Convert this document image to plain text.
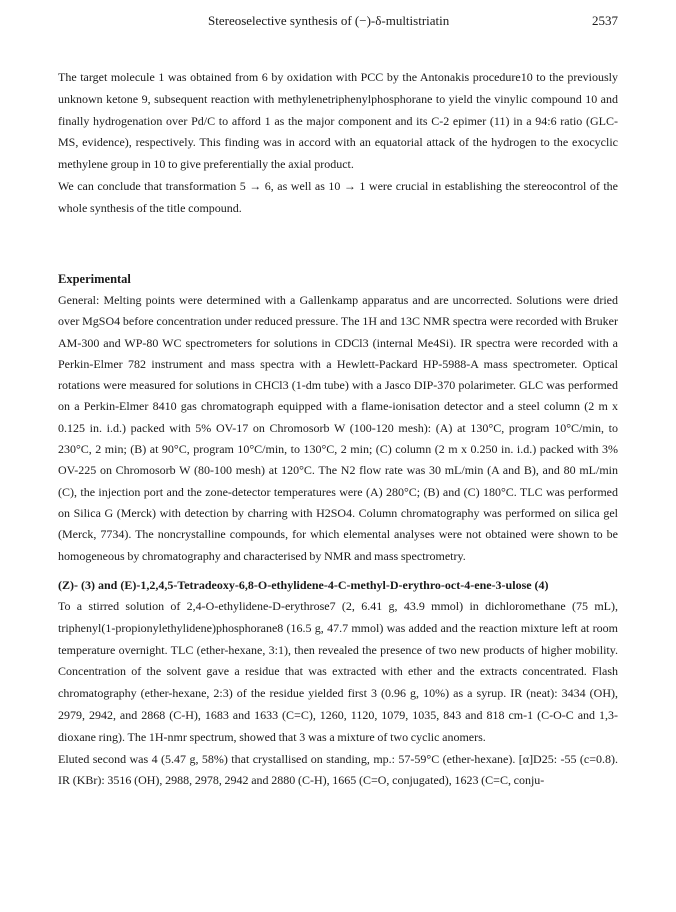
Stereoselective synthesis of (−)-δ-multistriatin	2537

The target molecule 1 was obtained from 6 by oxidation with PCC by the Antonakis procedure10 to the previously unknown ketone 9, subsequent reaction with methylenetriphenylphosphorane to yield the vinylic compound 10 and finally hydrogenation over Pd/C to afford 1 as the major component and its C-2 epimer (11) in a 94:6 ratio (GLC-MS, evidence), respectively. This finding was in accord with an equatorial attack of the hydrogen to the exocyclic methylene group in 10 to give preferentially the axial product.

We can conclude that transformation 5 → 6, as well as 10 → 1 were crucial in establishing the stereocontrol of the whole synthesis of the title compound.

Experimental

General: Melting points were determined with a Gallenkamp apparatus and are uncorrected. Solutions were dried over MgSO4 before concentration under reduced pressure. The 1H and 13C NMR spectra were recorded with Bruker AM-300 and WP-80 WC spectrometers for solutions in CDCl3 (internal Me4Si). IR spectra were recorded with a Perkin-Elmer 782 instrument and mass spectra with a Hewlett-Packard HP-5988-A mass spectrometer. Optical rotations were measured for solutions in CHCl3 (1-dm tube) with a Jasco DIP-370 polarimeter. GLC was performed on a Perkin-Elmer 8410 gas chromatograph equipped with a flame-ionisation detector and a steel column (2 m x 0.125 in. i.d.) packed with 5% OV-17 on Chromosorb W (100-120 mesh): (A) at 130°C, program 10°C/min, to 230°C, 2 min; (B) at 90°C, program 10°C/min, to 130°C, 2 min; (C) column (2 m x 0.250 in. i.d.) packed with 3% OV-225 on Chromosorb W (80-100 mesh) at 120°C. The N2 flow rate was 30 mL/min (A and B), and 80 mL/min (C), the injection port and the zone-detector temperatures were (A) 280°C; (B) and (C) 180°C. TLC was performed on Silica G (Merck) with detection by charring with H2SO4. Column chromatography was performed on silica gel (Merck, 7734). The noncrystalline compounds, for which elemental analyses were not obtained were shown to be homogeneous by chromatography and characterised by NMR and mass spectrometry.

(Z)- (3) and (E)-1,2,4,5-Tetradeoxy-6,8-O-ethylidene-4-C-methyl-D-erythro-oct-4-ene-3-ulose (4)

To a stirred solution of 2,4-O-ethylidene-D-erythrose7 (2, 6.41 g, 43.9 mmol) in dichloromethane (75 mL), triphenyl(1-propionylethylidene)phosphorane8 (16.5 g, 47.7 mmol) was added and the reaction mixture left at room temperature overnight. TLC (ether-hexane, 3:1), then revealed the presence of two new products of higher mobility. Concentration of the solvent gave a residue that was extracted with ether and the extracts concentrated. Flash chromatography (ether-hexane, 2:3) of the residue yielded first 3 (0.96 g, 10%) as a syrup. IR (neat): 3434 (OH), 2979, 2942, and 2868 (C-H), 1683 and 1633 (C=C), 1260, 1120, 1079, 1035, 843 and 818 cm-1 (C-O-C and 1,3-dioxane ring). The 1H-nmr spectrum, showed that 3 was a mixture of two cyclic anomers.

Eluted second was 4 (5.47 g, 58%) that crystallised on standing, mp.: 57-59°C (ether-hexane). [α]D25: -55 (c=0.8). IR (KBr): 3516 (OH), 2988, 2978, 2942 and 2880 (C-H), 1665 (C=O, conjugated), 1623 (C=C, conju-
